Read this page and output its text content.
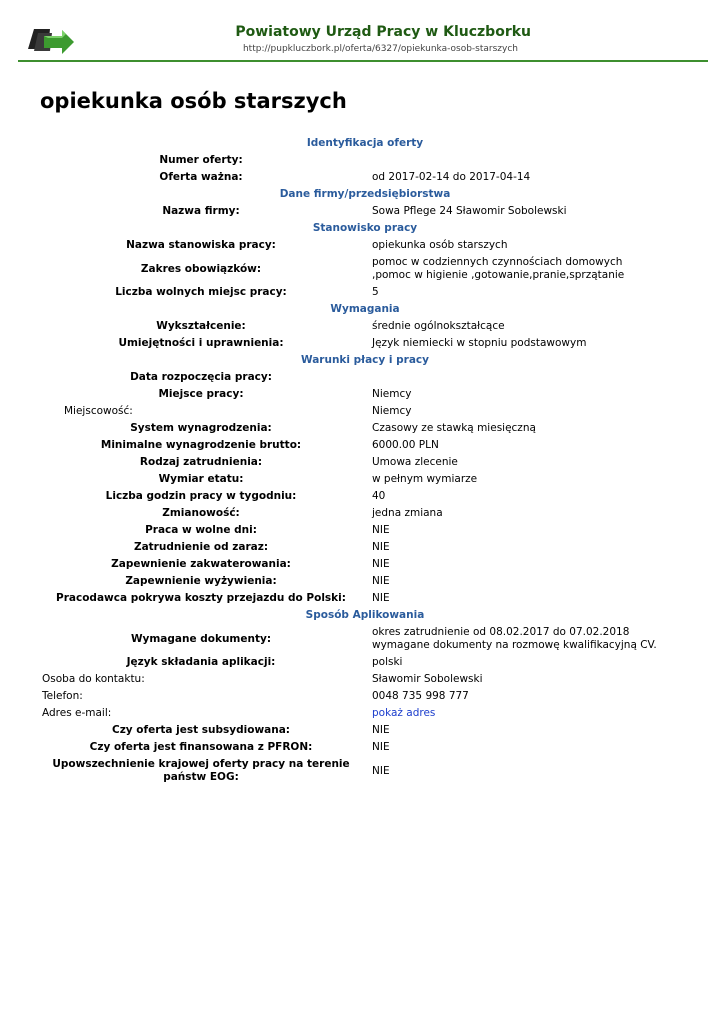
Powiatowy Urząd Pracy w Kluczborku
http://pupkluczbork.pl/oferta/6327/opiekunka-osob-starszych
opiekunka osób starszych
Identyfikacja oferty
Numer oferty:
Oferta ważna:	od 2017-02-14 do 2017-04-14
Dane firmy/przedsiębiorstwa
Nazwa firmy:	Sowa Pflege 24 Sławomir Sobolewski
Stanowisko pracy
Nazwa stanowiska pracy:	opiekunka osób starszych
Zakres obowiązków:
pomoc w codziennych czynnościach domowych ,pomoc w higienie ,gotowanie,pranie,sprzątanie
Liczba wolnych miejsc pracy:	5
Wymagania
Wykształcenie:	średnie ogólnokształcące
Umiejętności i uprawnienia:	Język niemiecki w stopniu podstawowym
Warunki płacy i pracy
Data rozpoczęcia pracy:
Miejsce pracy:	Niemcy
Miejscowość:	Niemcy
System wynagrodzenia:	Czasowy ze stawką miesięczną
Minimalne wynagrodzenie brutto:	6000.00 PLN
Rodzaj zatrudnienia:	Umowa zlecenie
Wymiar etatu:	w pełnym wymiarze
Liczba godzin pracy w tygodniu:	40
Zmianowość:	jedna zmiana
Praca w wolne dni:	NIE
Zatrudnienie od zaraz:	NIE
Zapewnienie zakwaterowania:	NIE
Zapewnienie wyżywienia:	NIE
Pracodawca pokrywa koszty przejazdu do Polski:	NIE
Sposób Aplikowania
Wymagane dokumenty:
okres zatrudnienie od 08.02.2017 do 07.02.2018 wymagane dokumenty na rozmowę kwalifikacyjną CV.
Język składania aplikacji:	polski
Osoba do kontaktu:	Sławomir Sobolewski
Telefon:	0048 735 998 777
Adres e-mail:	pokaż adres
Czy oferta jest subsydiowana:	NIE
Czy oferta jest finansowana z PFRON:	NIE
Upowszechnienie krajowej oferty pracy na terenie państw EOG:
NIE
